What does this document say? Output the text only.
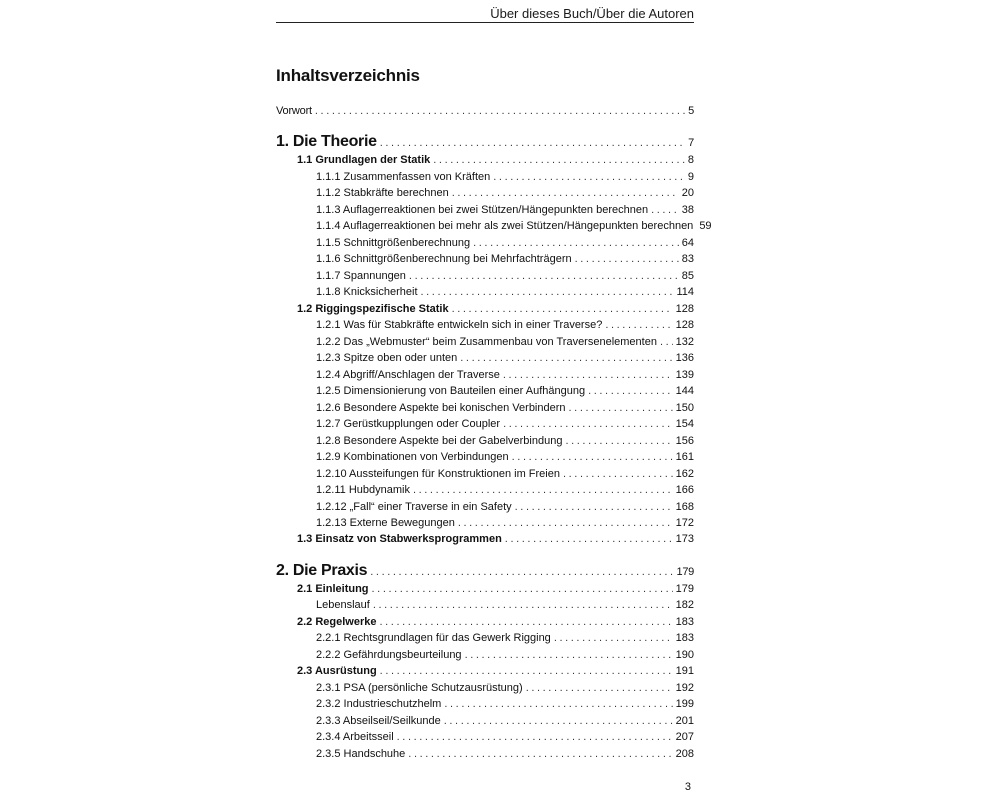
Über dieses Buch/Über die Autoren
Inhaltsverzeichnis
Vorwort .....	5
1. Die Theorie .....	7
1.1 Grundlagen der Statik .....	8
1.1.1 Zusammenfassen von Kräften .....	9
1.1.2 Stabkräfte berechnen .....	20
1.1.3 Auflagerreaktionen bei zwei Stützen/Hängepunkten berechnen .....	38
1.1.4 Auflagerreaktionen bei mehr als zwei Stützen/Hängepunkten berechnen 59
1.1.5 Schnittgrößenberechnung .....	64
1.1.6 Schnittgrößenberechnung bei Mehrfachträgern .....	83
1.1.7 Spannungen .....	85
1.1.8 Knicksicherheit .....	114
1.2 Riggingspezifische Statik .....	128
1.2.1 Was für Stabkräfte entwickeln sich in einer Traverse? .....	128
1.2.2 Das „Webmuster“ beim Zusammenbau von Traversenelementen ..... 132
1.2.3 Spitze oben oder unten .....	136
1.2.4 Abgriff/Anschlagen der Traverse .....	139
1.2.5 Dimensionierung von Bauteilen einer Aufhängung .....	144
1.2.6 Besondere Aspekte bei konischen Verbindern .....	150
1.2.7 Gerüstkupplungen oder Coupler .....	154
1.2.8 Besondere Aspekte bei der Gabelverbindung .....	156
1.2.9 Kombinationen von Verbindungen .....	161
1.2.10 Aussteifungen für Konstruktionen im Freien .....	162
1.2.11 Hubdynamik .....	166
1.2.12 „Fall“ einer Traverse in ein Safety .....	168
1.2.13 Externe Bewegungen .....	172
1.3 Einsatz von Stabwerksprogrammen .....	173
2. Die Praxis .....	179
2.1 Einleitung .....	179
Lebenslauf .....	182
2.2 Regelwerke .....	183
2.2.1 Rechtsgrundlagen für das Gewerk Rigging .....	183
2.2.2 Gefährdungsbeurteilung .....	190
2.3 Ausrüstung .....	191
2.3.1 PSA (persönliche Schutzausrüstung) .....	192
2.3.2 Industrieschutzhelm .....	199
2.3.3 Abseilseil/Seilkunde .....	201
2.3.4 Arbeitsseil .....	207
2.3.5 Handschuhe .....	208
3
